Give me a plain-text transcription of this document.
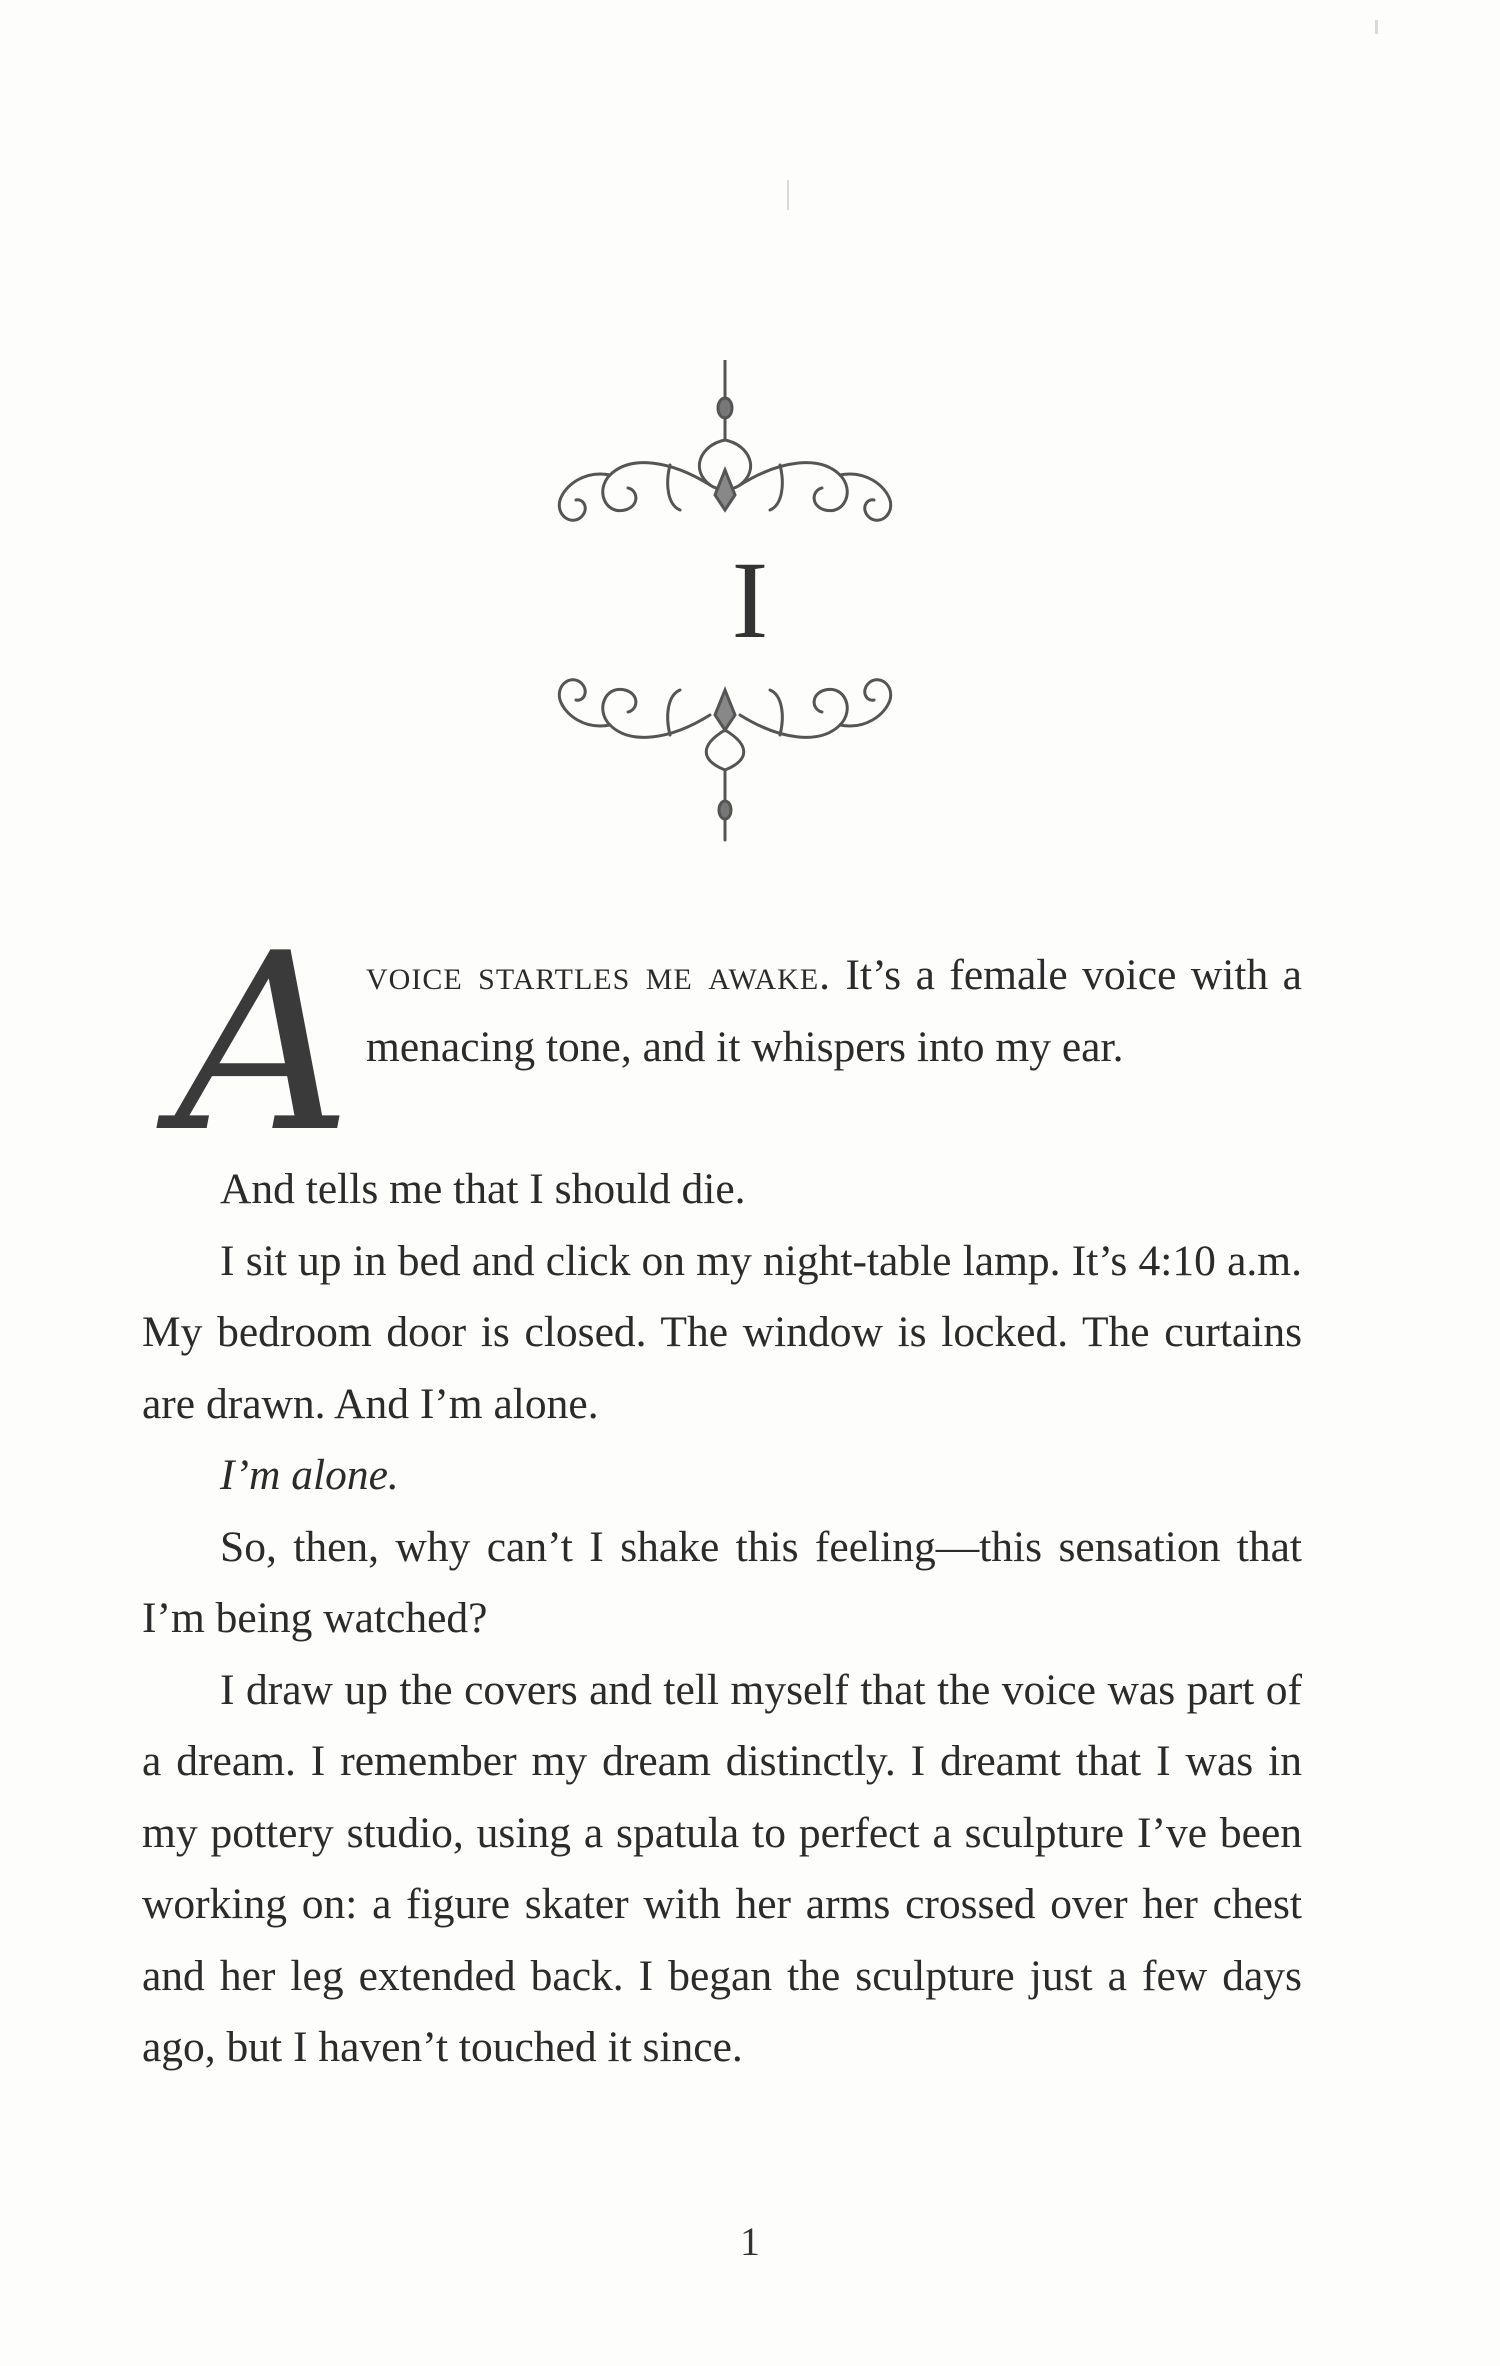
I
A voice startles me awake. It’s a female voice with a menacing tone, and it whispers into my ear.

And tells me that I should die.

I sit up in bed and click on my night-table lamp. It’s 4:10 a.m. My bedroom door is closed. The window is locked. The curtains are drawn. And I’m alone.

I’m alone.

So, then, why can’t I shake this feeling—this sensation that I’m being watched?

I draw up the covers and tell myself that the voice was part of a dream. I remember my dream distinctly. I dreamt that I was in my pottery studio, using a spatula to perfect a sculpture I’ve been working on: a figure skater with her arms crossed over her chest and her leg extended back. I began the sculpture just a few days ago, but I haven’t touched it since.

1
